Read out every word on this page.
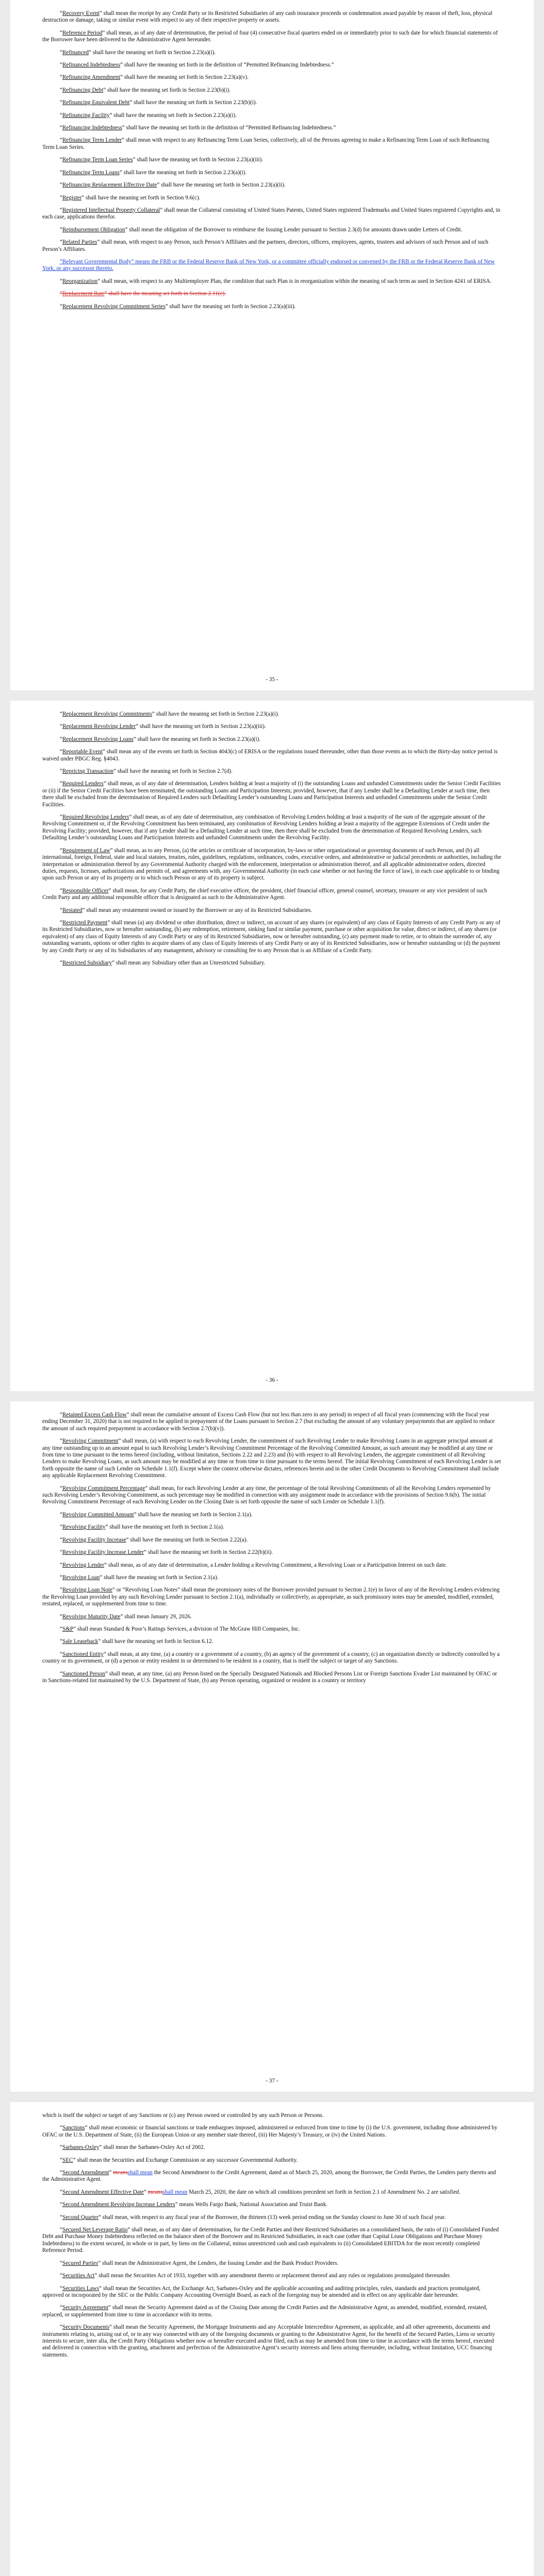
“Recovery Event” shall mean the receipt by any Credit Party or its Restricted Subsidiaries of any cash insurance proceeds or condemnation award payable by reason of theft, loss, physical destruction or damage, taking or similar event with respect to any of their respective property or assets.

“Reference Period” shall mean, as of any date of determination, the period of four (4) consecutive fiscal quarters ended on or immediately prior to such date for which financial statements of the Borrower have been delivered to the Administrative Agent hereunder.

“Refinanced” shall have the meaning set forth in Section 2.23(a)(i).

“Refinanced Indebtedness” shall have the meaning set forth in the definition of “Permitted Refinancing Indebtedness.”

“Refinancing Amendment” shall have the meaning set forth in Section 2.23(a)(v).

“Refinancing Debt” shall have the meaning set forth in Section 2.23(b)(i).

“Refinancing Equivalent Debt” shall have the meaning set forth in Section 2.23(b)(i).

“Refinancing Facility” shall have the meaning set forth in Section 2.23(a)(i).

“Refinancing Indebtedness” shall have the meaning set forth in the definition of “Permitted Refinancing Indebtedness.”

“Refinancing Term Lender” shall mean with respect to any Refinancing Term Loan Series, collectively, all of the Persons agreeing to make a Refinancing Term Loan of such Refinancing Term Loan Series.

“Refinancing Term Loan Series” shall have the meaning set forth in Section 2.23(a)(iii).

“Refinancing Term Loans” shall have the meaning set forth in Section 2.23(a)(i).

“Refinancing Replacement Effective Date” shall have the meaning set forth in Section 2.23(a)(ii).

“Register” shall have the meaning set forth in Section 9.6(c).

“Registered Intellectual Property Collateral” shall mean the Collateral consisting of United States Patents, United States registered Trademarks and United States registered Copyrights and, in each case, applications therefor.

“Reimbursement Obligation” shall mean the obligation of the Borrower to reimburse the Issuing Lender pursuant to Section 2.3(d) for amounts drawn under Letters of Credit.

“Related Parties” shall mean, with respect to any Person, such Person’s Affiliates and the partners, directors, officers, employees, agents, trustees and advisors of such Person and of such Person’s Affiliates.

“Relevant Governmental Body” means the FRB or the Federal Reserve Bank of New York, or a committee officially endorsed or convened by the FRB or the Federal Reserve Bank of New York, or any successor thereto.

“Reorganization” shall mean, with respect to any Multiemployer Plan, the condition that such Plan is in reorganization within the meaning of such term as used in Section 4241 of ERISA.

“Replacement Rate” shall have the meaning set forth in Section 2.11(c).

“Replacement Revolving Commitment Series” shall have the meaning set forth in Section 2.23(a)(iii).

- 35 -

“Replacement Revolving Commitments” shall have the meaning set forth in Section 2.23(a)(i).

“Replacement Revolving Lender” shall have the meaning set forth in Section 2.23(a)(iii).

“Replacement Revolving Loans” shall have the meaning set forth in Section 2.23(a)(i).

“Reportable Event” shall mean any of the events set forth in Section 4043(c) of ERISA or the regulations issued thereunder, other than those events as to which the thirty-day notice period is waived under PBGC Reg. §4043.

“Repricing Transaction” shall have the meaning set forth in Section 2.7(d).

“Required Lenders” shall mean, as of any date of determination, Lenders holding at least a majority of (i) the outstanding Loans and unfunded Commitments under the Senior Credit Facilities or (ii) if the Senior Credit Facilities have been terminated, the outstanding Loans and Participation Interests; provided, however, that if any Lender shall be a Defaulting Lender at such time, then there shall be excluded from the determination of Required Lenders such Defaulting Lender’s outstanding Loans and Participation Interests and unfunded Commitments under the Senior Credit Facilities.

“Required Revolving Lenders” shall mean, as of any date of determination, any combination of Revolving Lenders holding at least a majority of the sum of the aggregate amount of the Revolving Commitment or, if the Revolving Commitment has been terminated, any combination of Revolving Lenders holding at least a majority of the aggregate Extensions of Credit under the Revolving Facility; provided, however, that if any Lender shall be a Defaulting Lender at such time, then there shall be excluded from the determination of Required Revolving Lenders, such Defaulting Lender’s outstanding Loans and Participation Interests and unfunded Commitments under the Revolving Facility.

“Requirement of Law” shall mean, as to any Person, (a) the articles or certificate of incorporation, by-laws or other organizational or governing documents of such Person, and (b) all international, foreign, Federal, state and local statutes, treaties, rules, guidelines, regulations, ordinances, codes, executive orders, and administrative or judicial precedents or authorities, including the interpretation or administration thereof by any Governmental Authority charged with the enforcement, interpretation or administration thereof, and all applicable administrative orders, directed duties, requests, licenses, authorizations and permits of, and agreements with, any Governmental Authority (in each case whether or not having the force of law), in each case applicable to or binding upon such Person or any of its property or to which such Person or any of its property is subject.

“Responsible Officer” shall mean, for any Credit Party, the chief executive officer, the president, chief financial officer, general counsel, secretary, treasurer or any vice president of such Credit Party and any additional responsible officer that is designated as such to the Administrative Agent.

“Restated” shall mean any restatement owned or issued by the Borrower or any of its Restricted Subsidiaries.

“Restricted Payment” shall mean (a) any dividend or other distribution, direct or indirect, on account of any shares (or equivalent) of any class of Equity Interests of any Credit Party or any of its Restricted Subsidiaries, now or hereafter outstanding, (b) any redemption, retirement, sinking fund or similar payment, purchase or other acquisition for value, direct or indirect, of any shares (or equivalent) of any class of Equity Interests of any Credit Party or any of its Restricted Subsidiaries, now or hereafter outstanding, (c) any payment made to retire, or to obtain the surrender of, any outstanding warrants, options or other rights to acquire shares of any class of Equity Interests of any Credit Party or any of its Restricted Subsidiaries, now or hereafter outstanding or (d) the payment by any Credit Party or any of its Subsidiaries of any management, advisory or consulting fee to any Person that is an Affiliate of a Credit Party.

“Restricted Subsidiary” shall mean any Subsidiary other than an Unrestricted Subsidiary.

- 36 -

“Retained Excess Cash Flow” shall mean the cumulative amount of Excess Cash Flow (but not less than zero in any period) in respect of all fiscal years (commencing with the fiscal year ending December 31, 2020) that is not required to be applied in prepayment of the Loans pursuant to Section 2.7 (but excluding the amount of any voluntary prepayments that are applied to reduce the amount of such required prepayment in accordance with Section 2.7(b)(v)).

“Revolving Commitment” shall mean, (a) with respect to each Revolving Lender, the commitment of such Revolving Lender to make Revolving Loans in an aggregate principal amount at any time outstanding up to an amount equal to such Revolving Lender’s Revolving Commitment Percentage of the Revolving Committed Amount, as such amount may be modified at any time or from time to time pursuant to the terms hereof (including, without limitation, Sections 2.22 and 2.23) and (b) with respect to all Revolving Lenders, the aggregate commitment of all Revolving Lenders to make Revolving Loans, as such amount may be modified at any time or from time to time pursuant to the terms hereof. The initial Revolving Commitment of each Revolving Lender is set forth opposite the name of such Lender on Schedule 1.1(f). Except where the context otherwise dictates, references herein and in the other Credit Documents to Revolving Commitment shall include any applicable Replacement Revolving Commitment.

“Revolving Commitment Percentage” shall mean, for each Revolving Lender at any time, the percentage of the total Revolving Commitments of all the Revolving Lenders represented by such Revolving Lender’s Revolving Commitment, as such percentage may be modified in connection with any assignment made in accordance with the provisions of Section 9.6(b). The initial Revolving Commitment Percentage of each Revolving Lender on the Closing Date is set forth opposite the name of such Lender on Schedule 1.1(f).

“Revolving Committed Amount” shall have the meaning set forth in Section 2.1(a).

“Revolving Facility” shall have the meaning set forth in Section 2.1(a).

“Revolving Facility Increase” shall have the meaning set forth in Section 2.22(a).

“Revolving Facility Increase Lender” shall have the meaning set forth in Section 2.22(b)(ii).

“Revolving Lender” shall mean, as of any date of determination, a Lender holding a Revolving Commitment, a Revolving Loan or a Participation Interest on such date.

“Revolving Loan” shall have the meaning set forth in Section 2.1(a).

“Revolving Loan Note” or “Revolving Loan Notes” shall mean the promissory notes of the Borrower provided pursuant to Section 2.1(e) in favor of any of the Revolving Lenders evidencing the Revolving Loan provided by any such Revolving Lender pursuant to Section 2.1(a), individually or collectively, as appropriate, as such promissory notes may be amended, modified, extended, restated, replaced, or supplemented from time to time.

“Revolving Maturity Date” shall mean January 29, 2026.

“S&P” shall mean Standard & Poor’s Ratings Services, a division of The McGraw Hill Companies, Inc.

“Sale Leaseback” shall have the meaning set forth in Section 6.12.

“Sanctioned Entity” shall mean, at any time, (a) a country or a government of a country, (b) an agency of the government of a country, (c) an organization directly or indirectly controlled by a country or its government, or (d) a person or entity resident in or determined to be resident in a country, that is itself the subject or target of any Sanctions.

“Sanctioned Person” shall mean, at any time, (a) any Person listed on the Specially Designated Nationals and Blocked Persons List or Foreign Sanctions Evader List maintained by OFAC or in Sanctions-related list maintained by the U.S. Department of State, (b) any Person operating, organized or resident in a country or territory

- 37 -

which is itself the subject or target of any Sanctions or (c) any Person owned or controlled by any such Person or Persons.

“Sanctions” shall mean economic or financial sanctions or trade embargoes imposed, administered or enforced from time to time by (i) the U.S. government, including those administered by OFAC or the U.S. Department of State, (ii) the European Union or any member state thereof, (iii) Her Majesty’s Treasury, or (iv) the United Nations.

“Sarbanes-Oxley” shall mean the Sarbanes-Oxley Act of 2002.

“SEC” shall mean the Securities and Exchange Commission or any successor Governmental Authority.

“Second Amendment” meansshall mean the Second Amendment to the Credit Agreement, dated as of March 25, 2020, among the Borrower, the Credit Parties, the Lenders party thereto and the Administrative Agent.

“Second Amendment Effective Date” meansshall mean March 25, 2020, the date on which all conditions precedent set forth in Section 2.1 of Amendment No. 2 are satisfied.

“Second Amendment Revolving Increase Lenders” means Wells Fargo Bank, National Association and Truist Bank.

“Second Quarter” shall mean, with respect to any fiscal year of the Borrower, the thirteen (13) week period ending on the Sunday closest to June 30 of such fiscal year.

“Secured Net Leverage Ratio” shall mean, as of any date of determination, for the Credit Parties and their Restricted Subsidiaries on a consolidated basis, the ratio of (i) Consolidated Funded Debt and Purchase Money Indebtedness reflected on the balance sheet of the Borrower and its Restricted Subsidiaries, in each case (other than Capital Lease Obligations and Purchase Money Indebtedness) to the extent secured, in whole or in part, by liens on the Collateral, minus unrestricted cash and cash equivalents to (ii) Consolidated EBITDA for the most recently completed Reference Period.

“Secured Parties” shall mean the Administrative Agent, the Lenders, the Issuing Lender and the Bank Product Providers.

“Securities Act” shall mean the Securities Act of 1933, together with any amendment thereto or replacement thereof and any rules or regulations promulgated thereunder.

“Securities Laws” shall mean the Securities Act, the Exchange Act, Sarbanes-Oxley and the applicable accounting and auditing principles, rules, standards and practices promulgated, approved or incorporated by the SEC or the Public Company Accounting Oversight Board, as each of the foregoing may be amended and in effect on any applicable date hereunder.

“Security Agreement” shall mean the Security Agreement dated as of the Closing Date among the Credit Parties and the Administrative Agent, as amended, modified, extended, restated, replaced, or supplemented from time to time in accordance with its terms.

“Security Documents” shall mean the Security Agreement, the Mortgage Instruments and any Acceptable Intercreditor Agreement, as applicable, and all other agreements, documents and instruments relating to, arising out of, or in any way connected with any of the foregoing documents or granting to the Administrative Agent, for the benefit of the Secured Parties, Liens or security interests to secure, inter alia, the Credit Party Obligations whether now or hereafter executed and/or filed, each as may be amended from time to time in accordance with the terms hereof, executed and delivered in connection with the granting, attachment and perfection of the Administrative Agent’s security interests and liens arising thereunder, including, without limitation, UCC financing statements.
